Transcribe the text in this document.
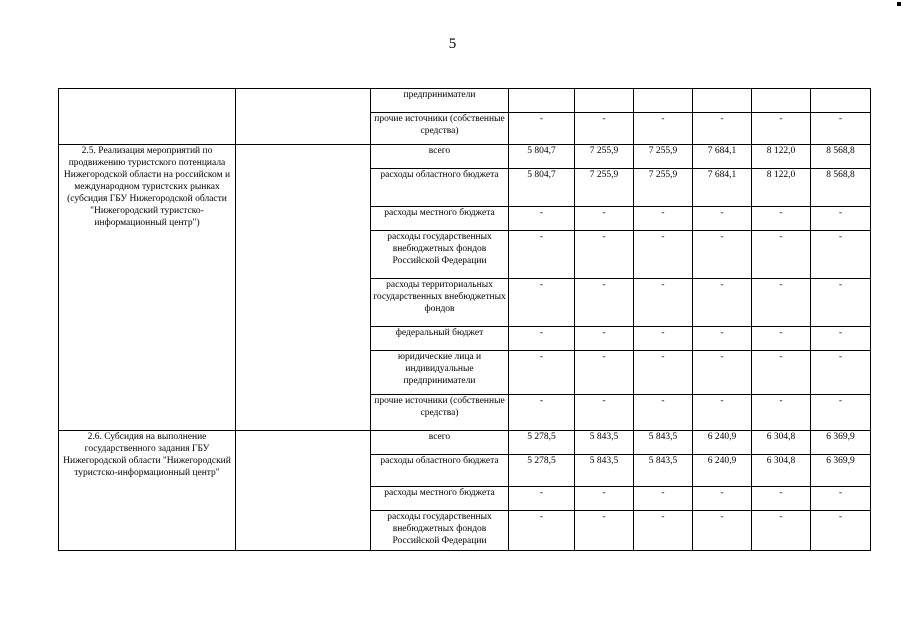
5
		предприниматели						
		прочие источники (собственные средства)	-	-	-	-	-	-
2.5. Реализация мероприятий по продвижению туристского потенциала Нижегородской области на российском и международном туристских рынках (субсидия ГБУ Нижегородской области "Нижегородский туристско-информационный центр")		всего	5 804,7	7 255,9	7 255,9	7 684,1	8 122,0	8 568,8
		расходы областного бюджета	5 804,7	7 255,9	7 255,9	7 684,1	8 122,0	8 568,8
		расходы местного бюджета	-	-	-	-	-	-
		расходы государственных внебюджетных фондов Российской Федерации	-	-	-	-	-	-
		расходы территориальных государственных внебюджетных фондов	-	-	-	-	-	-
		федеральный бюджет	-	-	-	-	-	-
		юридические лица и индивидуальные предприниматели	-	-	-	-	-	-
		прочие источники (собственные средства)	-	-	-	-	-	-
2.6. Субсидия на выполнение государственного задания ГБУ Нижегородской области "Нижегородский туристско-информационный центр"		всего	5 278,5	5 843,5	5 843,5	6 240,9	6 304,8	6 369,9
		расходы областного бюджета	5 278,5	5 843,5	5 843,5	6 240,9	6 304,8	6 369,9
		расходы местного бюджета	-	-	-	-	-	-
		расходы государственных внебюджетных фондов Российской Федерации	-	-	-	-	-	-
